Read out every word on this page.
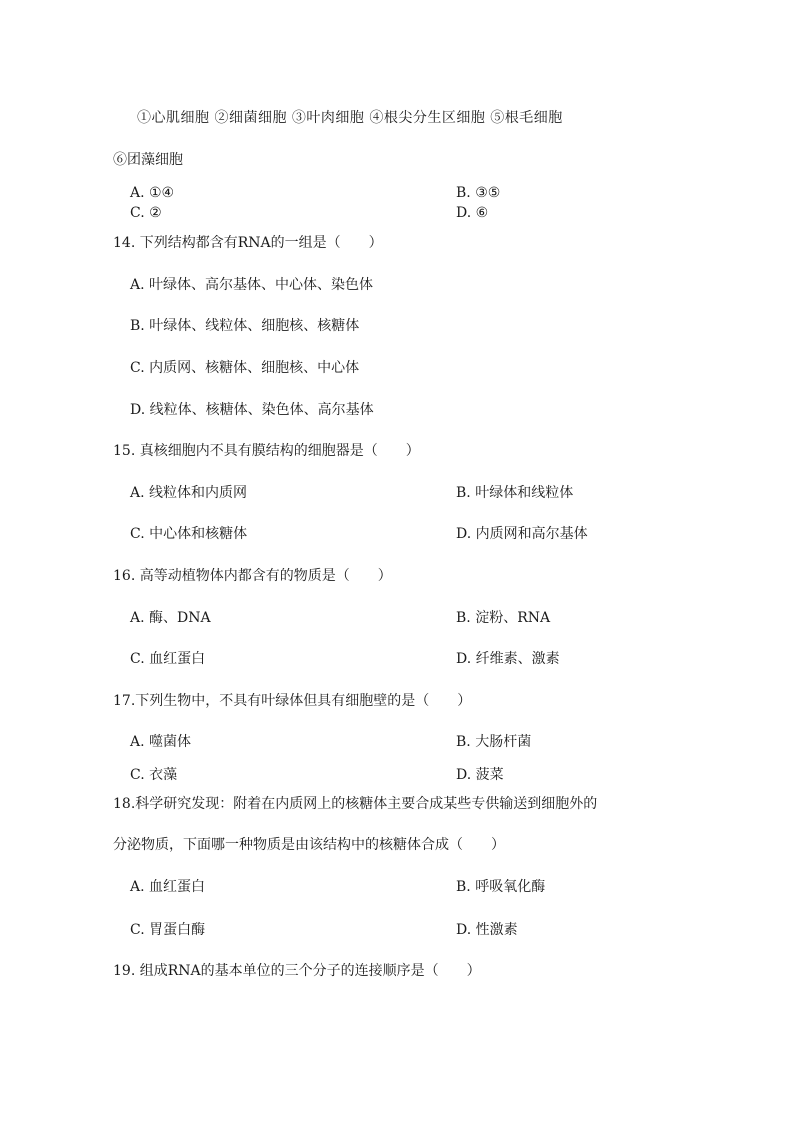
①心肌细胞 ②细菌细胞 ③叶肉细胞 ④根尖分生区细胞 ⑤根毛细胞
⑥团藻细胞
A. ①④	B. ③⑤
C. ②	D. ⑥
14. 下列结构都含有RNA的一组是（　　）
A. 叶绿体、高尔基体、中心体、染色体
B. 叶绿体、线粒体、细胞核、核糖体
C. 内质网、核糖体、细胞核、中心体
D. 线粒体、核糖体、染色体、高尔基体
15. 真核细胞内不具有膜结构的细胞器是（　　）
A. 线粒体和内质网	B. 叶绿体和线粒体
C. 中心体和核糖体	D. 内质网和高尔基体
16. 高等动植物体内都含有的物质是（　　）
A. 酶、DNA	B. 淀粉、RNA
C. 血红蛋白	D. 纤维素、激素
17.下列生物中，不具有叶绿体但具有细胞壁的是（　　）
A. 噬菌体	B. 大肠杆菌
C. 衣藻	D. 菠菜
18.科学研究发现：附着在内质网上的核糖体主要合成某些专供输送到细胞外的
分泌物质，下面哪一种物质是由该结构中的核糖体合成（　　）
A. 血红蛋白	B. 呼吸氧化酶
C. 胃蛋白酶	D. 性激素
19. 组成RNA的基本单位的三个分子的连接顺序是（　　）
